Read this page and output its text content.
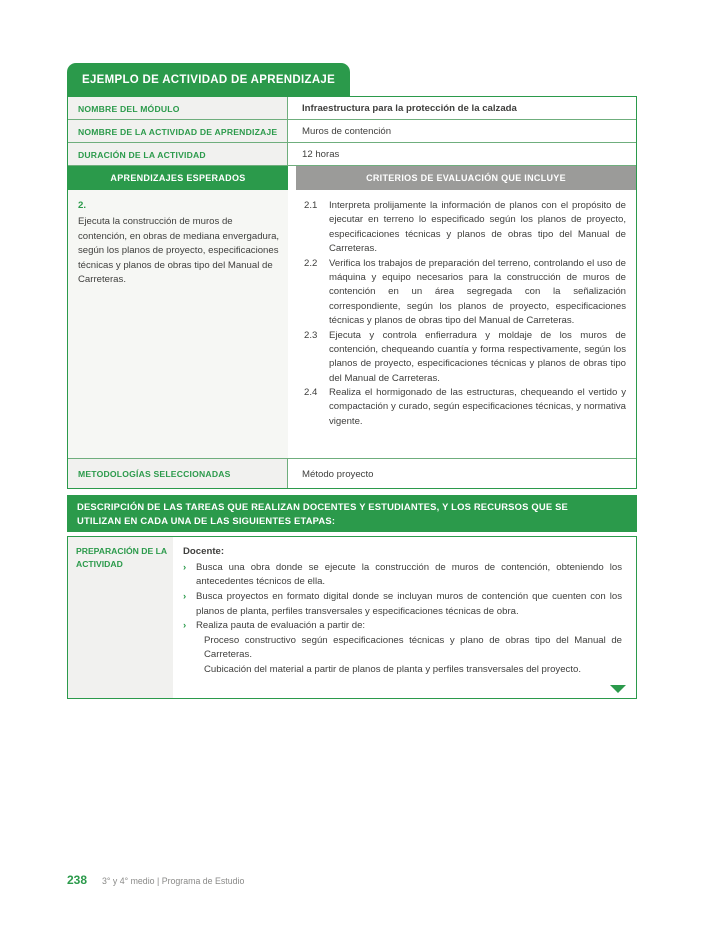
EJEMPLO DE ACTIVIDAD DE APRENDIZAJE
NOMBRE DEL MÓDULO	Infraestructura para la protección de la calzada
NOMBRE DE LA ACTIVIDAD DE APRENDIZAJE	Muros de contención
DURACIÓN DE LA ACTIVIDAD	12 horas
APRENDIZAJES ESPERADOS	CRITERIOS DE EVALUACIÓN QUE INCLUYE
2.
Ejecuta la construcción de muros de contención, en obras de mediana envergadura, según los planos de proyecto, especificaciones técnicas y planos de obras tipo del Manual de Carreteras.
2.1	Interpreta prolijamente la información de planos con el propósito de ejecutar en terreno lo especificado según los planos de proyecto, especificaciones técnicas y planos de obras tipo del Manual de Carreteras.
2.2	Verifica los trabajos de preparación del terreno, controlando el uso de máquina y equipo necesarios para la construcción de muros de contención en un área segregada con la señalización correspondiente, según los planos de proyecto, especificaciones técnicas y planos de obras tipo del Manual de Carreteras.
2.3	Ejecuta y controla enfierradura y moldaje de los muros de contención, chequeando cuantía y forma respectivamente, según los planos de proyecto, especificaciones técnicas y planos de obras tipo del Manual de Carreteras.
2.4	Realiza el hormigonado de las estructuras, chequeando el vertido y compactación y curado, según especificaciones técnicas, y normativa vigente.
METODOLOGÍAS SELECCIONADAS	Método proyecto
DESCRIPCIÓN DE LAS TAREAS QUE REALIZAN DOCENTES Y ESTUDIANTES, Y LOS RECURSOS QUE SE UTILIZAN EN CADA UNA DE LAS SIGUIENTES ETAPAS:
PREPARACIÓN DE LA ACTIVIDAD
Docente:
›	Busca una obra donde se ejecute la construcción de muros de contención, obteniendo los antecedentes técnicos de ella.
›	Busca proyectos en formato digital donde se incluyan muros de contención que cuenten con los planos de planta, perfiles transversales y especificaciones técnicas de obra.
›	Realiza pauta de evaluación a partir de:
Proceso constructivo según especificaciones técnicas y plano de obras tipo del Manual de Carreteras.
Cubicación del material a partir de planos de planta y perfiles transversales del proyecto.
238 3° y 4° medio | Programa de Estudio
